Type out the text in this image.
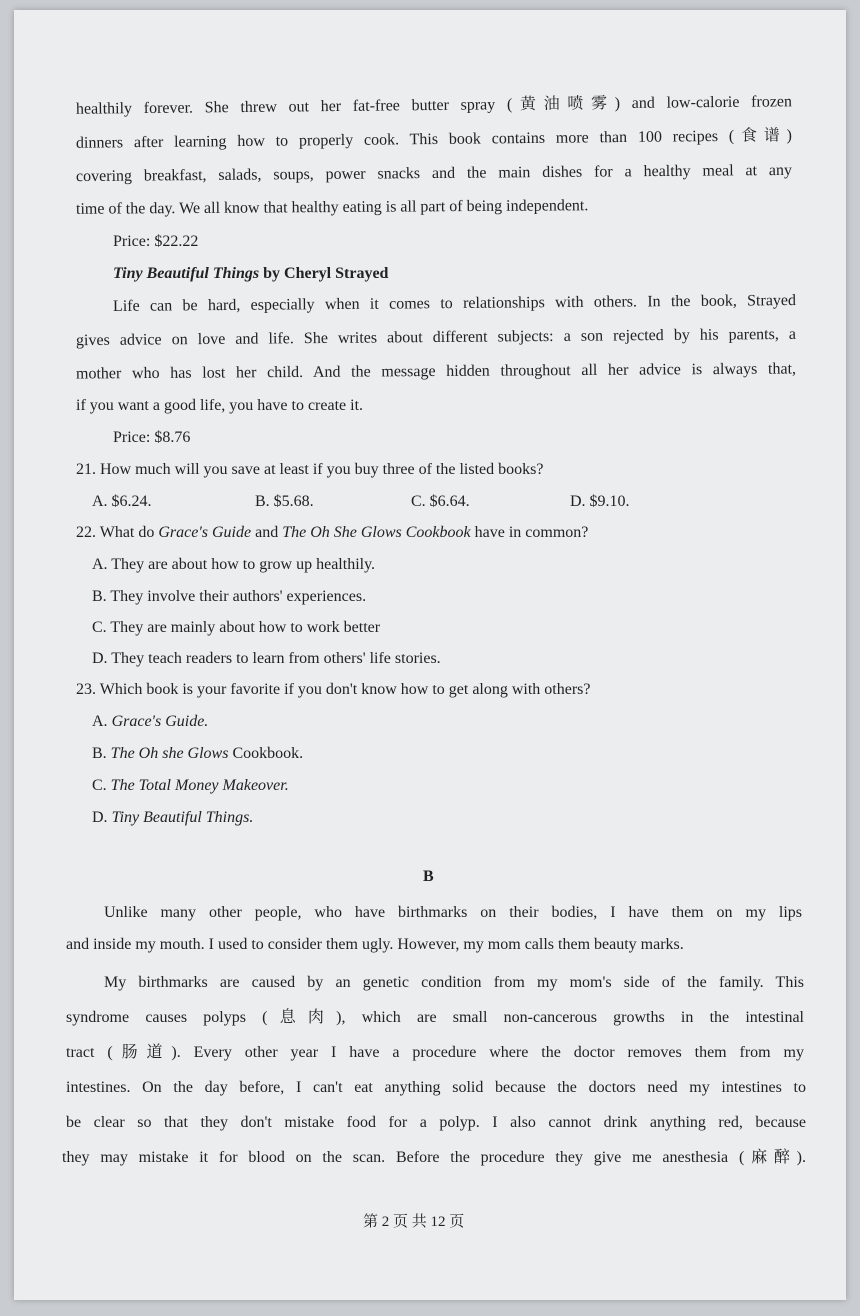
healthily forever. She threw out her fat-free butter spray (黄油喷雾) and low-calorie frozen
dinners after learning how to properly cook. This book contains more than 100 recipes (食谱)
covering breakfast, salads, soups, power snacks and the main dishes for a healthy meal at any
time of the day. We all know that healthy eating is all part of being independent.
Price: $22.22
Tiny Beautiful Things by Cheryl Strayed
Life can be hard, especially when it comes to relationships with others. In the book, Strayed
gives advice on love and life. She writes about different subjects: a son rejected by his parents, a
mother who has lost her child. And the message hidden throughout all her advice is always that,
if you want a good life, you have to create it.
Price: $8.76
21. How much will you save at least if you buy three of the listed books?
A. $6.24.	B. $5.68.	C. $6.64.	D. $9.10.
22. What do Grace's Guide and The Oh She Glows Cookbook have in common?
A. They are about how to grow up healthily.
B. They involve their authors' experiences.
C. They are mainly about how to work better
D. They teach readers to learn from others' life stories.
23. Which book is your favorite if you don't know how to get along with others?
A. Grace's Guide.
B. The Oh she Glows Cookbook.
C. The Total Money Makeover.
D. Tiny Beautiful Things.
B
Unlike many other people, who have birthmarks on their bodies, I have them on my lips
and inside my mouth. I used to consider them ugly. However, my mom calls them beauty marks.
My birthmarks are caused by an genetic condition from my mom's side of the family. This
syndrome causes polyps (息肉), which are small non-cancerous growths in the intestinal
tract (肠道). Every other year I have a procedure where the doctor removes them from my
intestines. On the day before, I can't eat anything solid because the doctors need my intestines to
be clear so that they don't mistake food for a polyp. I also cannot drink anything red, because
they may mistake it for blood on the scan. Before the procedure they give me anesthesia (麻醉).
第 2 页 共 12 页
